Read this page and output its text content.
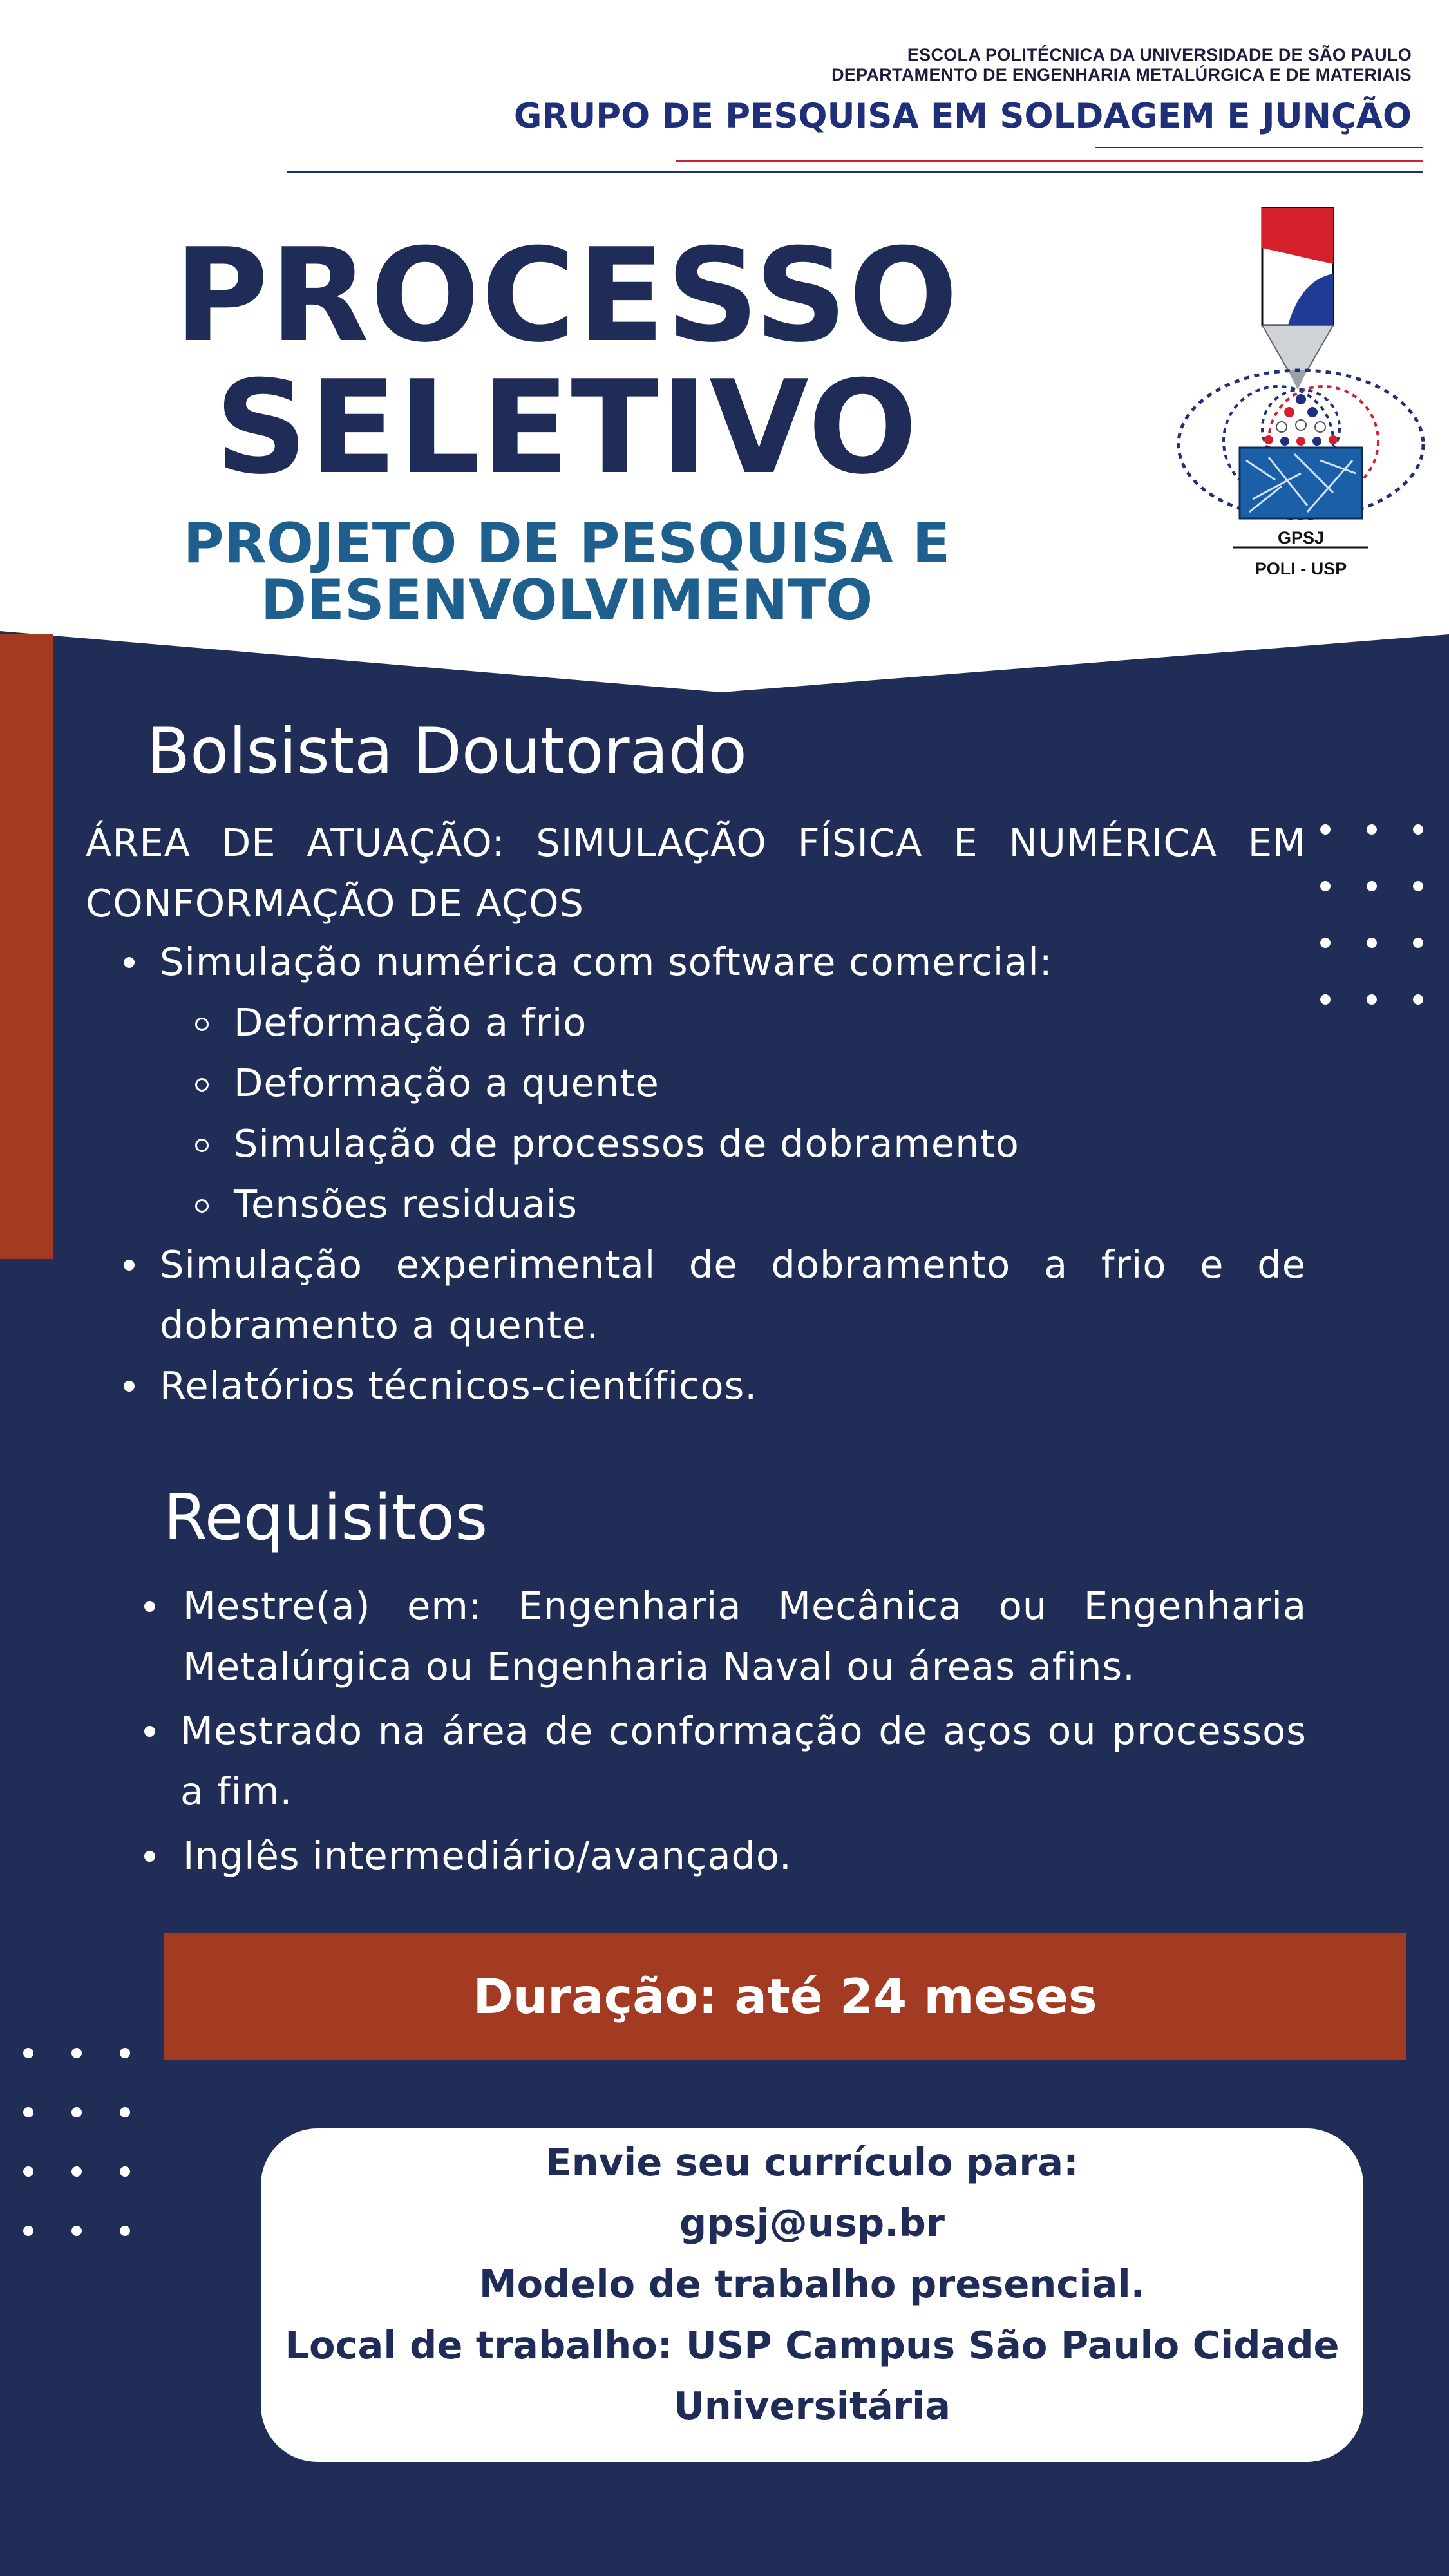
ESCOLA POLITÉCNICA DA UNIVERSIDADE DE SÃO PAULO
DEPARTAMENTO DE ENGENHARIA METALÚRGICA E DE MATERIAIS
GRUPO DE PESQUISA EM SOLDAGEM E JUNÇÃO
PROCESSO
SELETIVO
PROJETO DE PESQUISA E
DESENVOLVIMENTO
GPSJ
POLI - USP
Bolsista Doutorado
ÁREA DE ATUAÇÃO: SIMULAÇÃO FÍSICA E NUMÉRICA EM CONFORMAÇÃO DE AÇOS
Simulação numérica com software comercial:
Deformação a frio
Deformação a quente
Simulação de processos de dobramento
Tensões residuais
Simulação experimental de dobramento a frio e de dobramento a quente.
Relatórios técnicos-científicos.
Requisitos
Mestre(a) em: Engenharia Mecânica ou Engenharia Metalúrgica ou Engenharia Naval ou áreas afins.
Mestrado na área de conformação de aços ou processos a fim.
Inglês intermediário/avançado.
Duração: até 24 meses
Envie seu currículo para:
gpsj@usp.br
Modelo de trabalho presencial.
Local de trabalho: USP Campus São Paulo Cidade
Universitária
